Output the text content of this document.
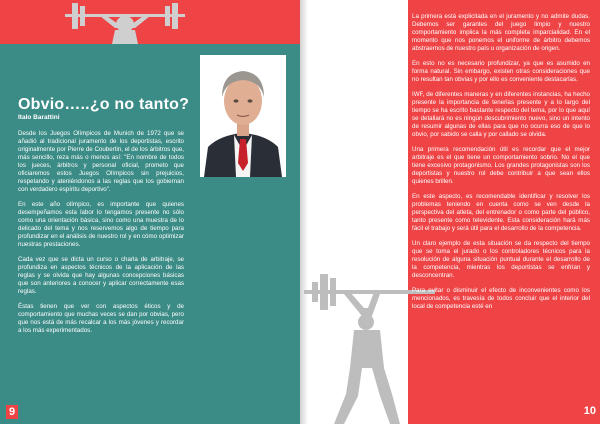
Obvio…..¿o no tanto?
Italo Barattini

Desde los Juegos Olímpicos de Munich de 1972 que se añadió al tradicional juramento de los deportistas, escrito originalmente por Pierre de Coubertin, el de los árbitros que, más sencillo, reza más o menos así: "En nombre de todos los jueces, árbitros y personal oficial, prometo que oficiaremos estos Juegos Olímpicos sin prejuicios, respetando y ateniéndonos a las reglas que los gobiernan con verdadero espíritu deportivo".

En este año olímpico, es importante que quienes desempeñamos esta labor lo tengamos presente no sólo como una orientación básica, sino como una muestra de lo delicado del tema y nos reservemos algo de tiempo para profundizar en el análisis de nuestro rol y en cómo optimizar nuestras prestaciones.

Cada vez que se dicta un curso o charla de arbitraje, se profundiza en aspectos técnicos de la aplicación de las reglas y se olvida que hay algunas concepciones básicas que son anteriores a conocer y aplicar correctamente esas reglas.

Éstas tienen que ver con aspectos éticos y de comportamiento que muchas veces se dan por obvias, pero que nos está de más recalcar a los más jóvenes y recordar a los más experimentados.

9

La primera está explicitada en el juramento y no admite dudas. Debemos ser garantes del juego limpio y nuestro comportamiento implica la más completa imparcialidad. En el momento que nos ponemos el uniforme de árbitro debemos abstraernos de nuestro país u organización de origen.

En esto no es necesario profundizar, ya que es asumido en forma natural. Sin embargo, existen otras consideraciones que no resultan tan obvias y por ello es conveniente destacarlas.

IWF, de diferentes maneras y en diferentes instancias, ha hecho presente la importancia de tenerlas presente y a lo largo del tiempo se ha escrito bastante respecto del tema, por lo que aquí se detallará no es ningún descubrimiento nuevo, sino un intento de resumir algunas de ellas para que no ocurra eso de que lo obvio, por sabido se calla y por callado se olvida.

Una primera recomendación útil es recordar que el mejor arbitraje es el que tiene un comportamiento sobrio. No el que tiene excesivo protagonismo. Los grandes protagonistas son los deportistas y nuestro rol debe contribuir a que sean ellos quienes brillen.

En este aspecto, es recomendable identificar y resolver los problemas teniendo en cuenta como se ven desde la perspectiva del atleta, del entrenador o como parte del público, tanto presente como televidente. Esta consideración hará más fácil el trabajo y será útil para el desarrollo de la competencia.

Un claro ejemplo de esta situación se da respecto del tiempo que se toma el jurado o los controladores técnicos para la resolución de alguna situación puntual durante el desarrollo de la competencia, mientras los deportistas se enfrían y desconcentran.

Para evitar o disminuir el efecto de inconvenientes como los mencionados, es travesía de todos concluir que el interior del local de competencia esté en

10
